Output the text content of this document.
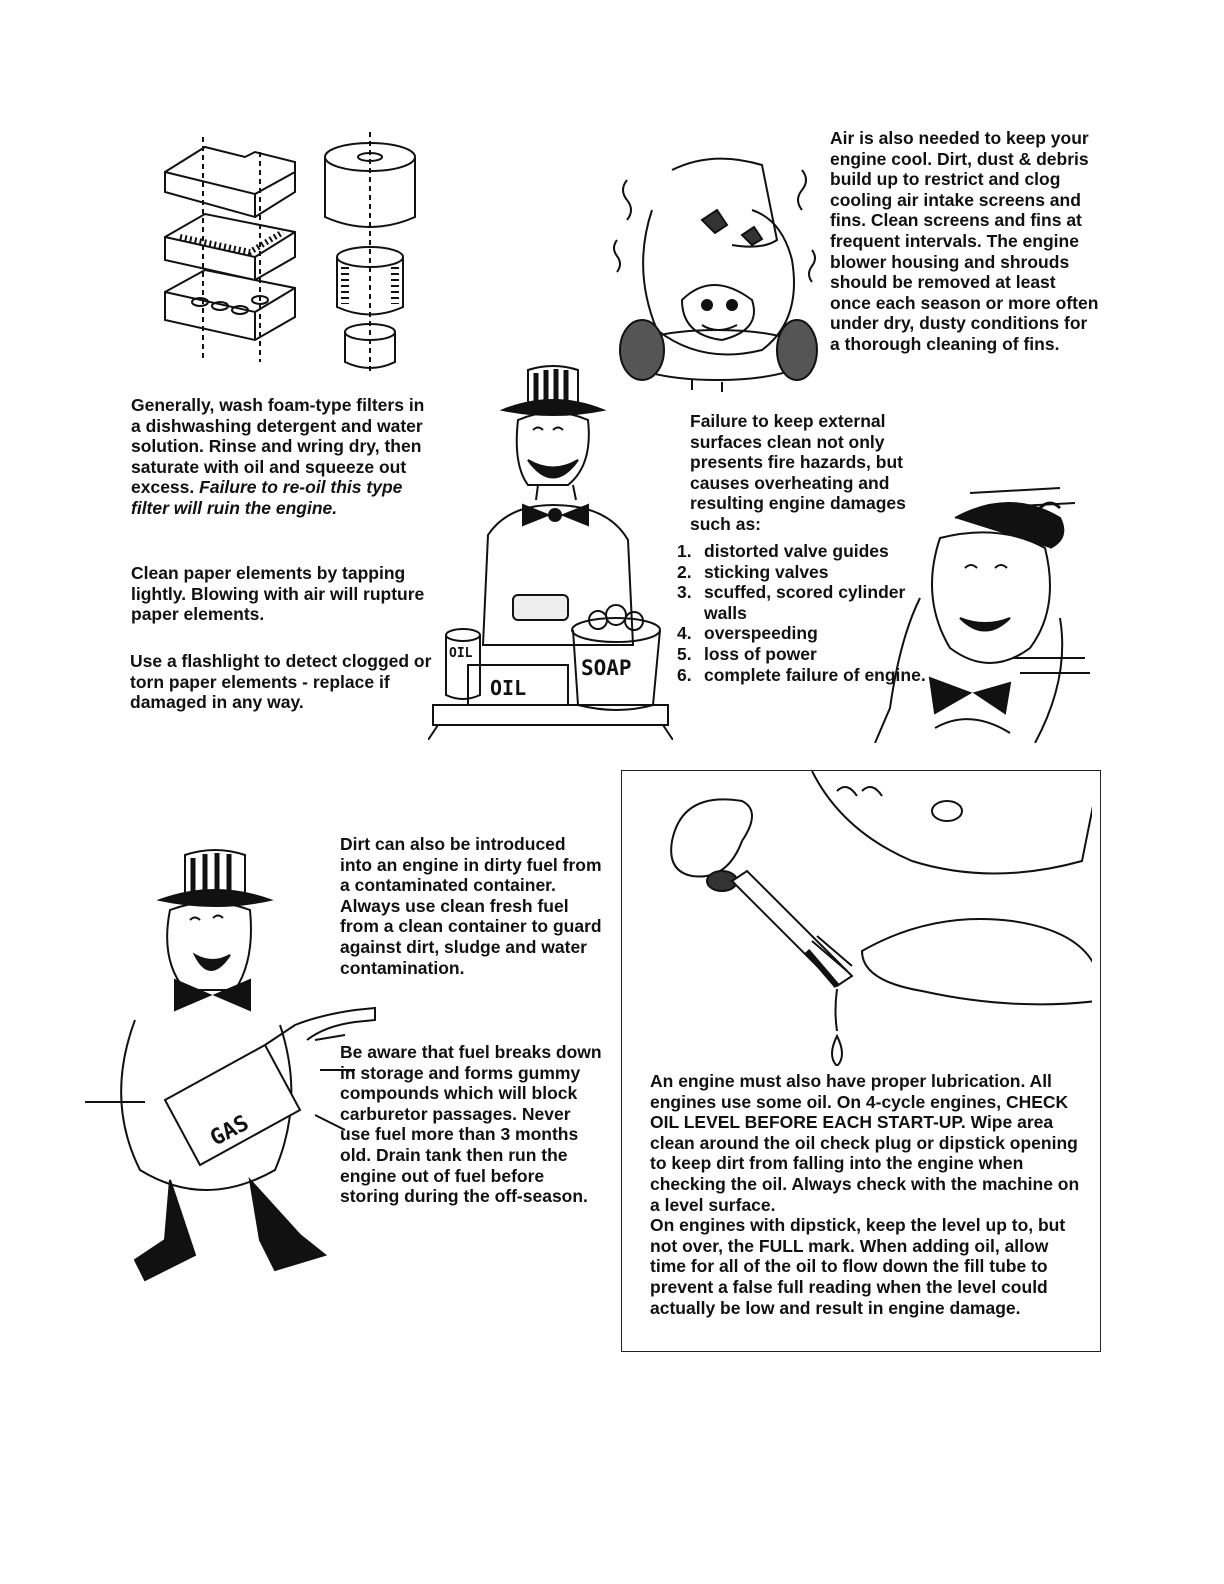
Air is also needed to keep your engine cool. Dirt, dust & debris build up to restrict and clog cooling air intake screens and fins. Clean screens and fins at frequent intervals. The engine blower housing and shrouds should be removed at least once each season or more often under dry, dusty conditions for a thorough cleaning of fins.

Generally, wash foam-type filters in a dishwashing detergent and water solution. Rinse and wring dry, then saturate with oil and squeeze out excess. Failure to re-oil this type filter will ruin the engine.

Clean paper elements by tapping lightly. Blowing with air will rupture paper elements.

Use a flashlight to detect clogged or torn paper elements - replace if damaged in any way.

OIL
OIL
SOAP

Failure to keep external surfaces clean not only presents fire hazards, but causes overheating and resulting engine damages such as:

1. distorted valve guides
2. sticking valves
3. scuffed, scored cylinder walls
4. overspeeding
5. loss of power
6. complete failure of engine.
GAS

Dirt can also be introduced into an engine in dirty fuel from a contaminated container. Always use clean fresh fuel from a clean container to guard against dirt, sludge and water contamination.

Be aware that fuel breaks down in storage and forms gummy compounds which will block carburetor passages. Never use fuel more than 3 months old. Drain tank then run the engine out of fuel before storing during the off-season.

An engine must also have proper lubrication. All engines use some oil. On 4-cycle engines, CHECK OIL LEVEL BEFORE EACH START-UP. Wipe area clean around the oil check plug or dipstick opening to keep dirt from falling into the engine when checking the oil. Always check with the machine on a level surface.

On engines with dipstick, keep the level up to, but not over, the FULL mark. When adding oil, allow time for all of the oil to flow down the fill tube to prevent a false full reading when the level could actually be low and result in engine damage.
